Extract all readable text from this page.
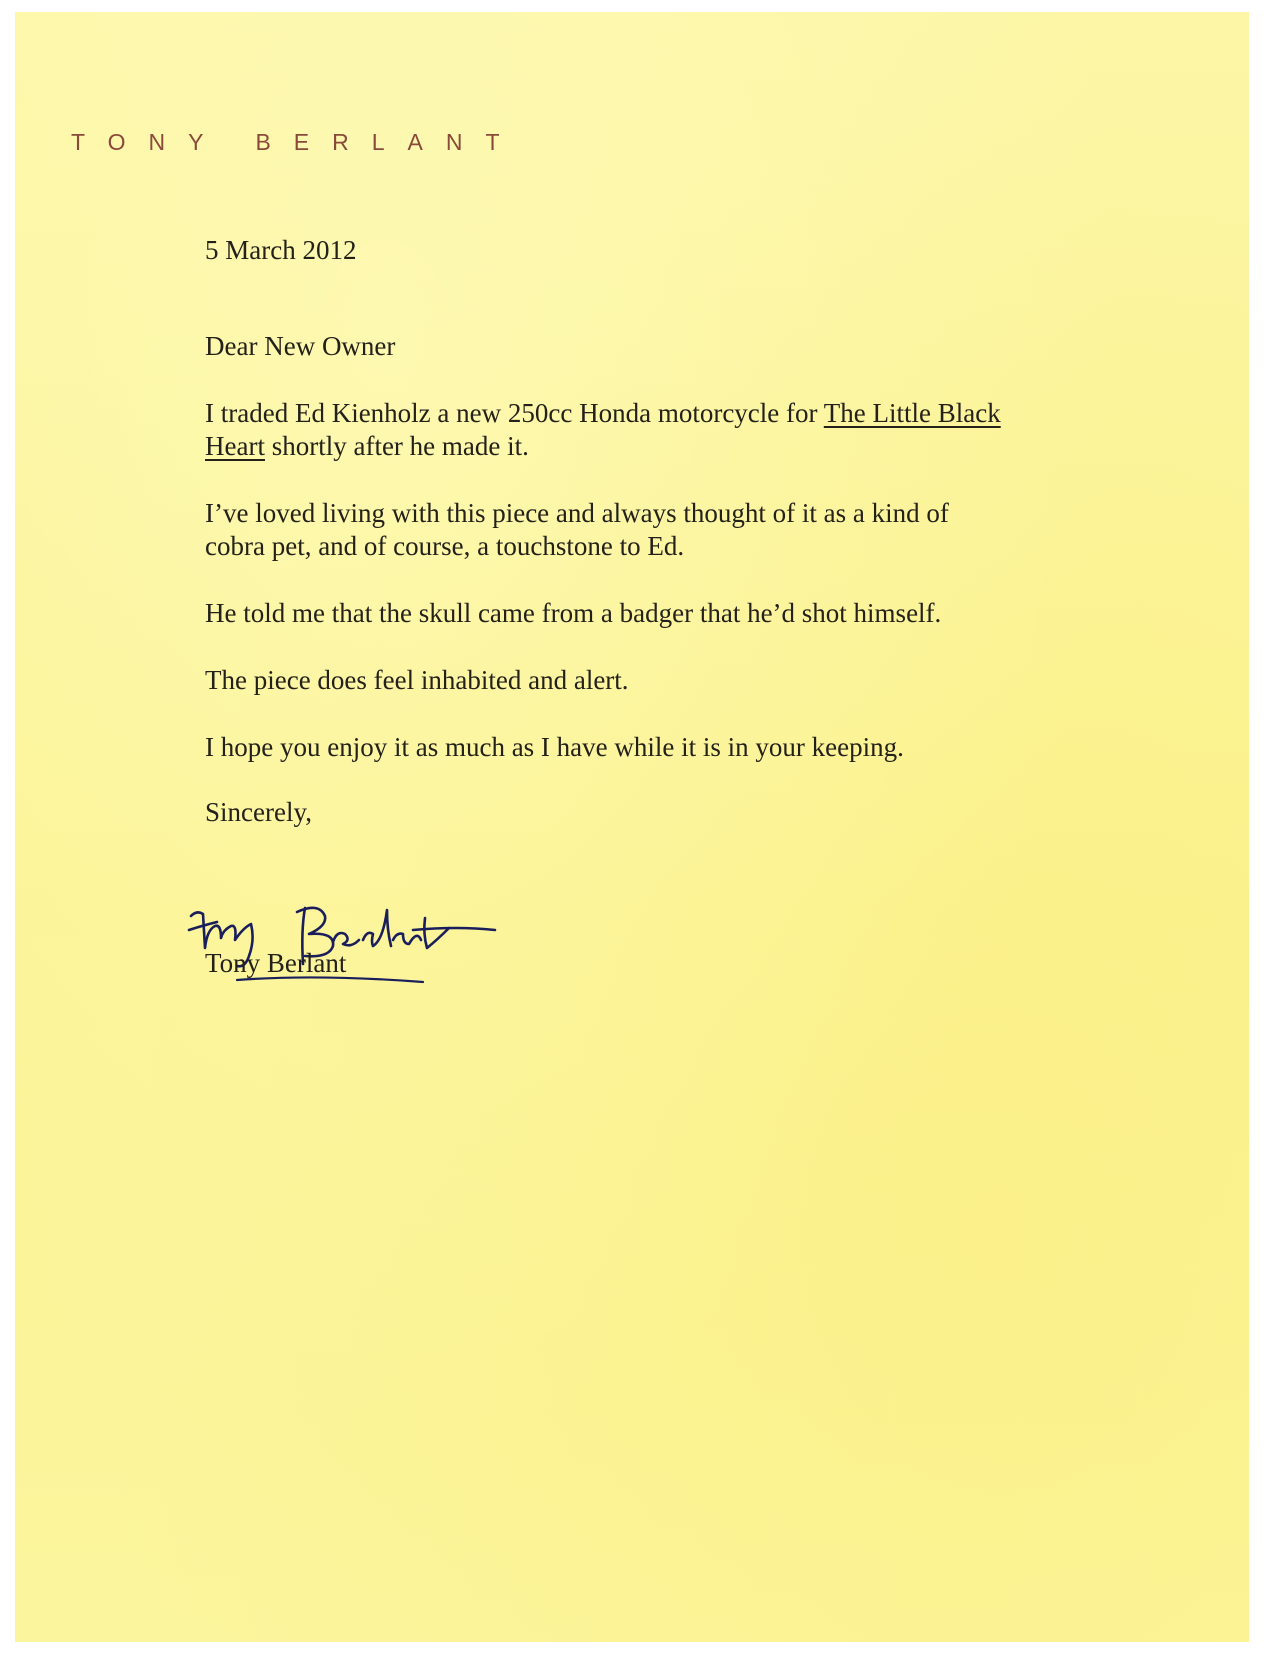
TONY BERLANT

5 March 2012

Dear New Owner

I traded Ed Kienholz a new 250cc Honda motorcycle for The Little Black

Heart shortly after he made it.

I’ve loved living with this piece and always thought of it as a kind of

cobra pet, and of course, a touchstone to Ed.

He told me that the skull came from a badger that he’d shot himself.

The piece does feel inhabited and alert.

I hope you enjoy it as much as I have while it is in your keeping.

Sincerely,

Tony Berlant
